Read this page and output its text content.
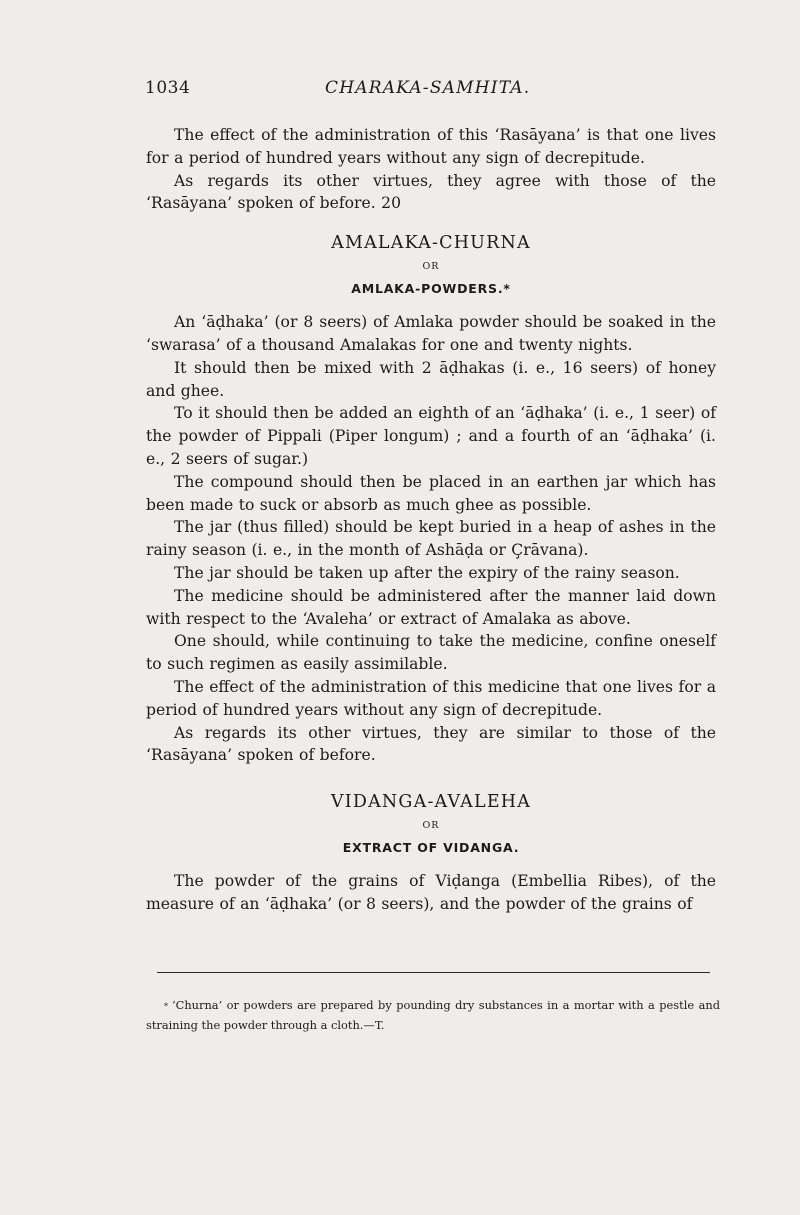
1034	CHARAKA-SAMHITA.

The effect of the administration of this ‘Rasāyana’ is that one lives for a period of hundred years without any sign of decrepitude.

As regards its other virtues, they agree with those of the ‘Rasāyana’ spoken of before. 20

AMALAKA-CHURNA
OR
AMLAKA-POWDERS.*

An ‘āḍhaka’ (or 8 seers) of Amlaka powder should be soaked in the ‘swarasa’ of a thousand Amalakas for one and twenty nights.

It should then be mixed with 2 āḍhakas (i. e., 16 seers) of honey and ghee.

To it should then be added an eighth of an ‘āḍhaka’ (i. e., 1 seer) of the powder of Pippali (Piper longum) ; and a fourth of an ‘āḍhaka’ (i. e., 2 seers of sugar.)

The compound should then be placed in an earthen jar which has been made to suck or absorb as much ghee as possible.

The jar (thus filled) should be kept buried in a heap of ashes in the rainy season (i. e., in the month of Ashāḍa or Çrāvana).

The jar should be taken up after the expiry of the rainy season.

The medicine should be administered after the manner laid down with respect to the ‘Avaleha’ or extract of Amalaka as above.

One should, while continuing to take the medicine, confine oneself to such regimen as easily assimilable.

The effect of the administration of this medicine that one lives for a period of hundred years without any sign of decrepitude.

As regards its other virtues, they are similar to those of the ‘Rasāyana’ spoken of before.

VIDANGA-AVALEHA
OR
EXTRACT OF VIDANGA.

The powder of the grains of Viḍanga (Embellia Ribes), of the measure of an ‘āḍhaka’ (or 8 seers), and the powder of the grains of

* ‘Churna’ or powders are prepared by pounding dry substances in a mortar with a pestle and straining the powder through a cloth.—T.
